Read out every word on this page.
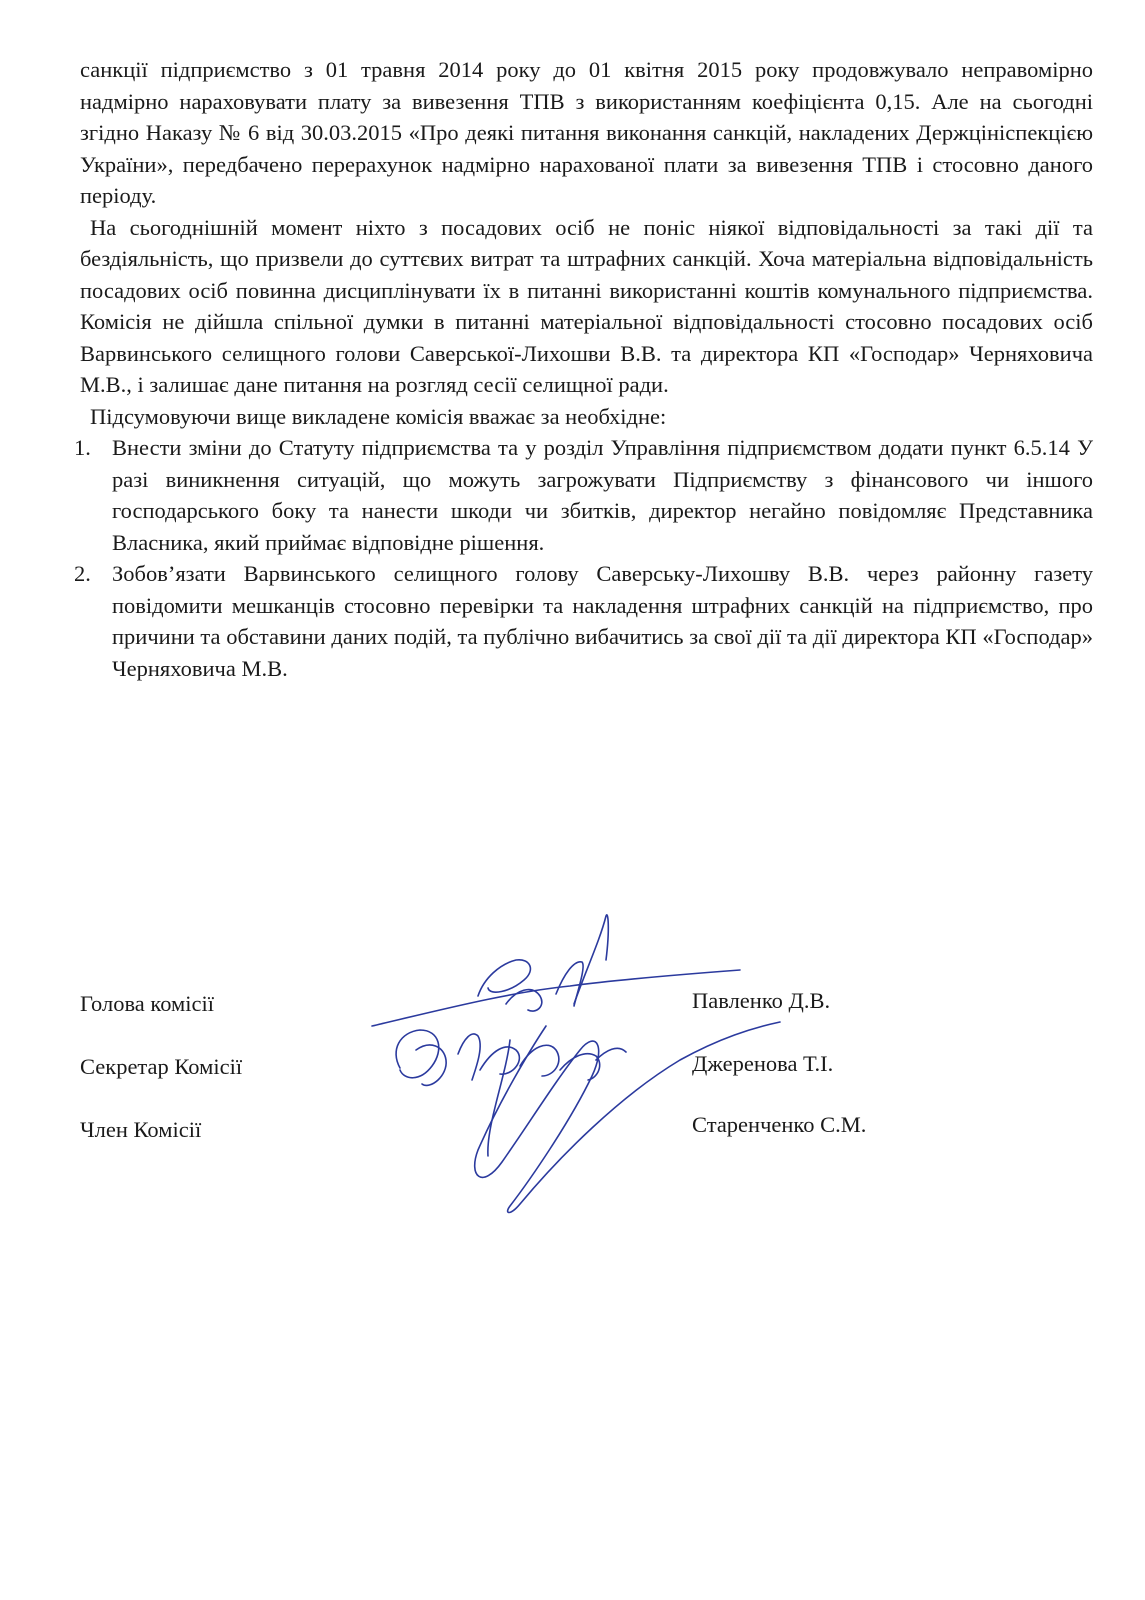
санкції підприємство з 01 травня 2014 року до 01 квітня 2015 року продовжувало неправомірно надмірно нараховувати плату за вивезення ТПВ з використанням коефіцієнта 0,15. Але на сьогодні згідно Наказу № 6 від 30.03.2015 «Про деякі питання виконання санкцій, накладених Держцініспекцією України», передбачено перерахунок надмірно нарахованої плати за вивезення ТПВ і стосовно даного періоду.

На сьогоднішній момент ніхто з посадових осіб не поніс ніякої відповідальності за такі дії та бездіяльність, що призвели до суттєвих витрат та штрафних санкцій. Хоча матеріальна відповідальність посадових осіб повинна дисциплінувати їх в питанні використанні коштів комунального підприємства. Комісія не дійшла спільної думки в питанні матеріальної відповідальності стосовно посадових осіб Варвинського селищного голови Саверської-Лихошви В.В. та директора КП «Господар» Черняховича М.В., і залишає дане питання на розгляд сесії селищної ради.

Підсумовуючи вище викладене комісія вважає за необхідне:

1. Внести зміни до Статуту підприємства та у розділ Управління підприємством додати пункт 6.5.14 У разі виникнення ситуацій, що можуть загрожувати Підприємству з фінансового чи іншого господарського боку та нанести шкоди чи збитків, директор негайно повідомляє Представника Власника, який приймає відповідне рішення.
2. Зобов’язати Варвинського селищного голову Саверську-Лихошву В.В. через районну газету повідомити мешканців стосовно перевірки та накладення штрафних санкцій на підприємство, про причини та обставини даних подій, та публічно вибачитись за свої дії та дії директора КП «Господар» Черняховича М.В.
Голова комісії
Секретар Комісії
Член Комісії
Павленко Д.В.
Джеренова Т.І.
Старенченко С.М.
